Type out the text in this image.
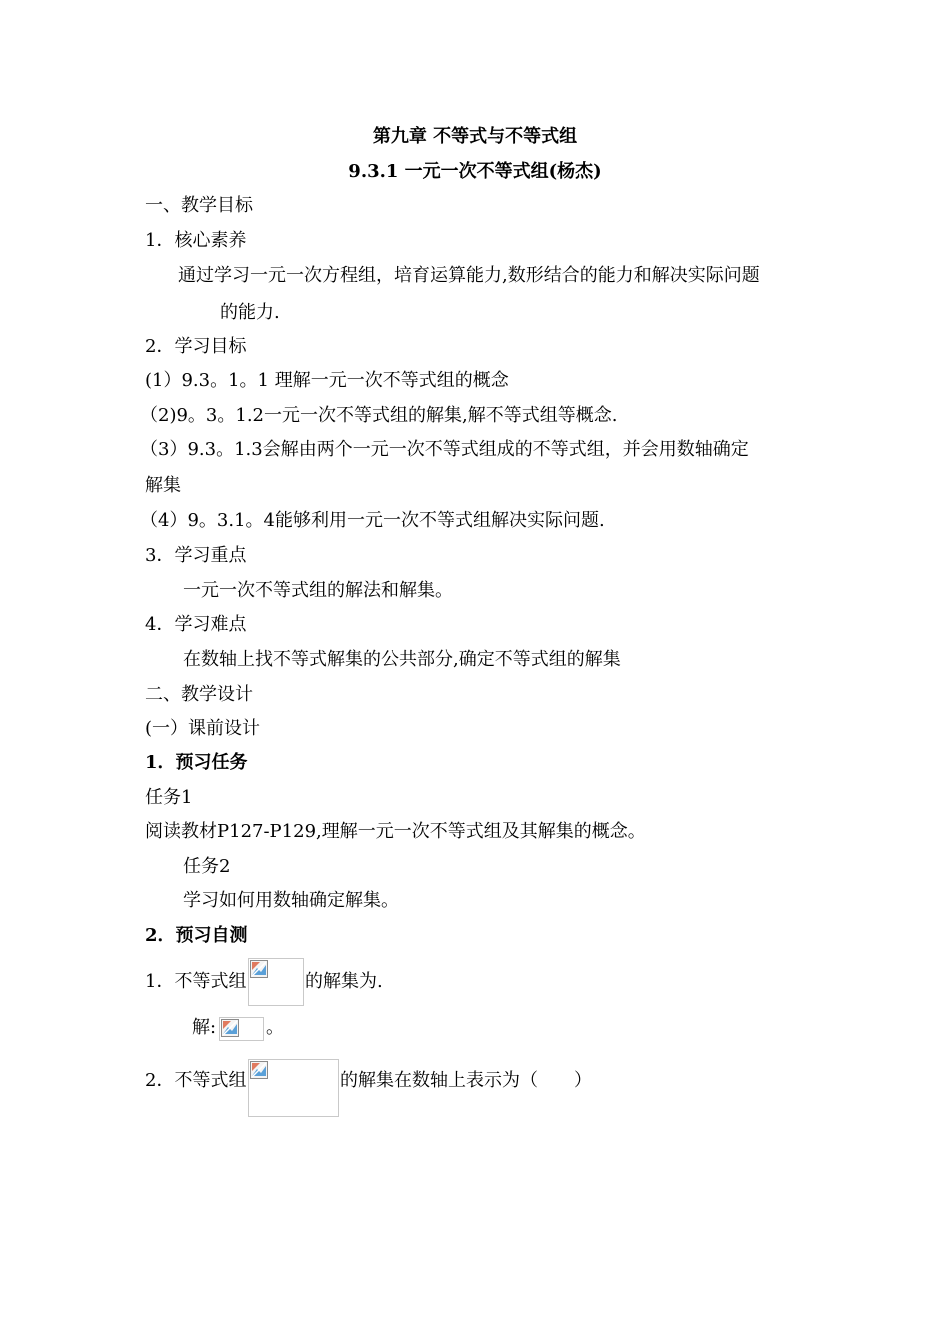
第九章 不等式与不等式组
9.3.1 一元一次不等式组(杨杰)
一、教学目标
1．核心素养
通过学习一元一次方程组，培育运算能力,数形结合的能力和解决实际问题
的能力.
2．学习目标
(1）9.3。1。1 理解一元一次不等式组的概念
（2)9。3。1.2一元一次不等式组的解集,解不等式组等概念.
（3）9.3。1.3会解由两个一元一次不等式组成的不等式组，并会用数轴确定
解集
（4）9。3.1。4能够利用一元一次不等式组解决实际问题.
3．学习重点
一元一次不等式组的解法和解集。
4．学习难点
在数轴上找不等式解集的公共部分,确定不等式组的解集
二、教学设计
(一）课前设计
1．预习任务
任务1
阅读教材P127-P129,理解一元一次不等式组及其解集的概念。
任务2
学习如何用数轴确定解集。
2．预习自测
1．不等式组	的解集为.
解:	。
2．不等式组	的解集在数轴上表示为（　　）
